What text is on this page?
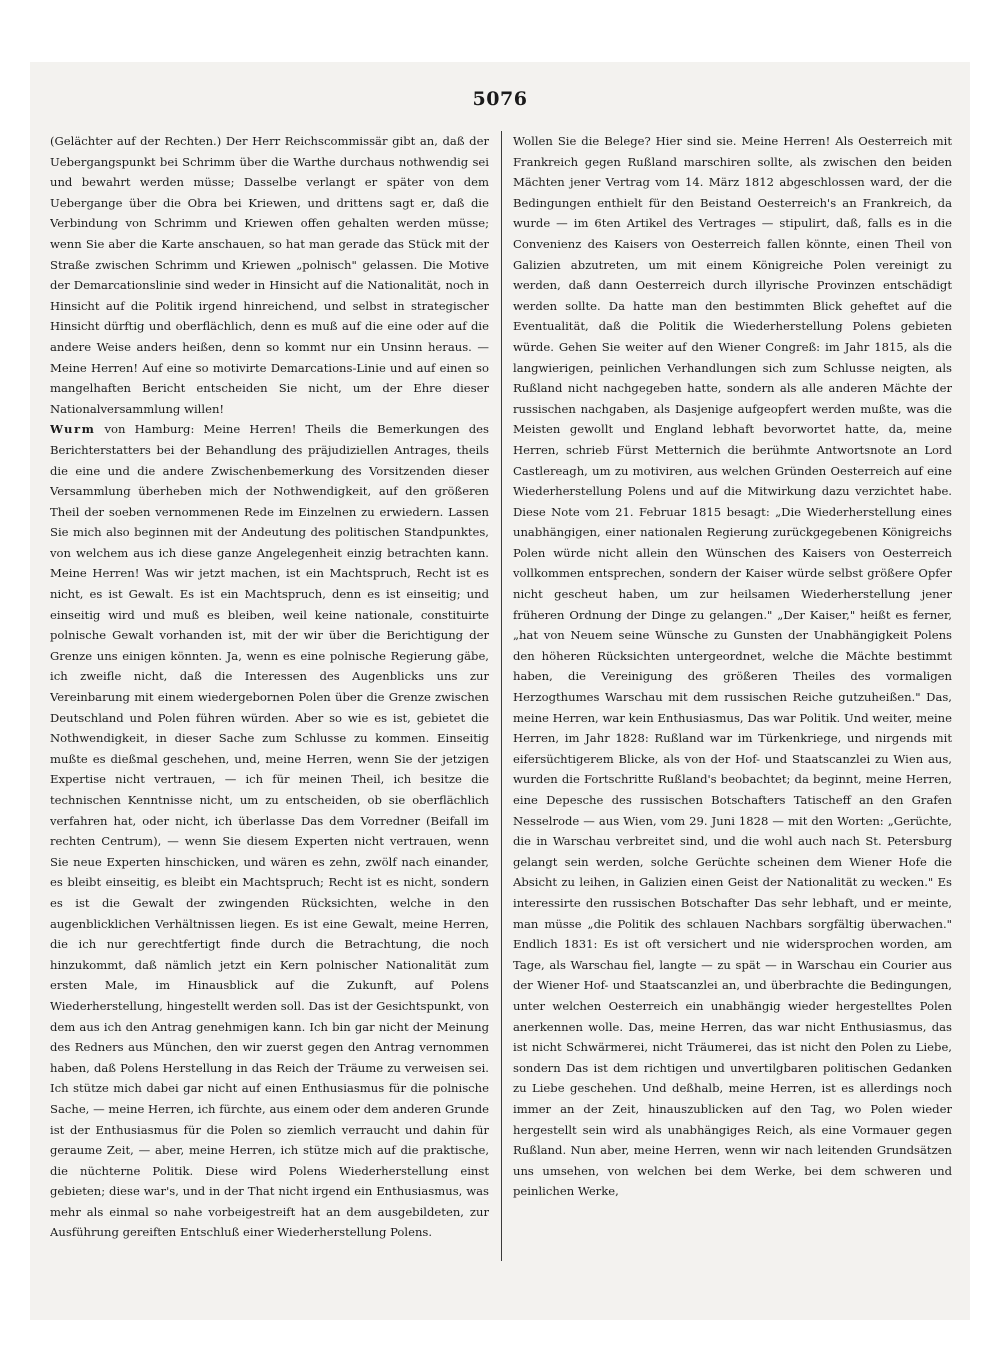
5076

(Gelächter auf der Rechten.) Der Herr Reichscommissär gibt an, daß der Uebergangspunkt bei Schrimm über die Warthe durchaus nothwendig sei und bewahrt werden müsse; Dasselbe verlangt er später von dem Uebergange über die Obra bei Kriewen, und drittens sagt er, daß die Verbindung von Schrimm und Kriewen offen gehalten werden müsse; wenn Sie aber die Karte anschauen, so hat man gerade das Stück mit der Straße zwischen Schrimm und Kriewen „polnisch" gelassen. Die Motive der Demarcationslinie sind weder in Hinsicht auf die Nationalität, noch in Hinsicht auf die Politik irgend hinreichend, und selbst in strategischer Hinsicht dürftig und oberflächlich, denn es muß auf die eine oder auf die andere Weise anders heißen, denn so kommt nur ein Unsinn heraus. — Meine Herren! Auf eine so motivirte Demarcations-Linie und auf einen so mangelhaften Bericht entscheiden Sie nicht, um der Ehre dieser Nationalversammlung willen!

Wurm von Hamburg: Meine Herren! Theils die Bemerkungen des Berichterstatters bei der Behandlung des präjudiziellen Antrages, theils die eine und die andere Zwischenbemerkung des Vorsitzenden dieser Versammlung überheben mich der Nothwendigkeit, auf den größeren Theil der soeben vernommenen Rede im Einzelnen zu erwiedern. Lassen Sie mich also beginnen mit der Andeutung des politischen Standpunktes, von welchem aus ich diese ganze Angelegenheit einzig betrachten kann. Meine Herren! Was wir jetzt machen, ist ein Machtspruch, Recht ist es nicht, es ist Gewalt. Es ist ein Machtspruch, denn es ist einseitig; und einseitig wird und muß es bleiben, weil keine nationale, constituirte polnische Gewalt vorhanden ist, mit der wir über die Berichtigung der Grenze uns einigen könnten. Ja, wenn es eine polnische Regierung gäbe, ich zweifle nicht, daß die Interessen des Augenblicks uns zur Vereinbarung mit einem wiedergebornen Polen über die Grenze zwischen Deutschland und Polen führen würden. Aber so wie es ist, gebietet die Nothwendigkeit, in dieser Sache zum Schlusse zu kommen. Einseitig mußte es dießmal geschehen, und, meine Herren, wenn Sie der jetzigen Expertise nicht vertrauen, — ich für meinen Theil, ich besitze die technischen Kenntnisse nicht, um zu entscheiden, ob sie oberflächlich verfahren hat, oder nicht, ich überlasse Das dem Vorredner (Beifall im rechten Centrum), — wenn Sie diesem Experten nicht vertrauen, wenn Sie neue Experten hinschicken, und wären es zehn, zwölf nach einander, es bleibt einseitig, es bleibt ein Machtspruch; Recht ist es nicht, sondern es ist die Gewalt der zwingenden Rücksichten, welche in den augenblicklichen Verhältnissen liegen. Es ist eine Gewalt, meine Herren, die ich nur gerechtfertigt finde durch die Betrachtung, die noch hinzukommt, daß nämlich jetzt ein Kern polnischer Nationalität zum ersten Male, im Hinausblick auf die Zukunft, auf Polens Wiederherstellung, hingestellt werden soll. Das ist der Gesichtspunkt, von dem aus ich den Antrag genehmigen kann. Ich bin gar nicht der Meinung des Redners aus München, den wir zuerst gegen den Antrag vernommen haben, daß Polens Herstellung in das Reich der Träume zu verweisen sei. Ich stütze mich dabei gar nicht auf einen Enthusiasmus für die polnische Sache, — meine Herren, ich fürchte, aus einem oder dem anderen Grunde ist der Enthusiasmus für die Polen so ziemlich verraucht und dahin für geraume Zeit, — aber, meine Herren, ich stütze mich auf die praktische, die nüchterne Politik. Diese wird Polens Wiederherstellung einst gebieten; diese war's, und in der That nicht irgend ein Enthusiasmus, was mehr als einmal so nahe vorbeigestreift hat an dem ausgebildeten, zur Ausführung gereiften Entschluß einer Wiederherstellung Polens.

Wollen Sie die Belege? Hier sind sie. Meine Herren! Als Oesterreich mit Frankreich gegen Rußland marschiren sollte, als zwischen den beiden Mächten jener Vertrag vom 14. März 1812 abgeschlossen ward, der die Bedingungen enthielt für den Beistand Oesterreich's an Frankreich, da wurde — im 6ten Artikel des Vertrages — stipulirt, daß, falls es in die Convenienz des Kaisers von Oesterreich fallen könnte, einen Theil von Galizien abzutreten, um mit einem Königreiche Polen vereinigt zu werden, daß dann Oesterreich durch illyrische Provinzen entschädigt werden sollte. Da hatte man den bestimmten Blick geheftet auf die Eventualität, daß die Politik die Wiederherstellung Polens gebieten würde. Gehen Sie weiter auf den Wiener Congreß: im Jahr 1815, als die langwierigen, peinlichen Verhandlungen sich zum Schlusse neigten, als Rußland nicht nachgegeben hatte, sondern als alle anderen Mächte der russischen nachgaben, als Dasjenige aufgeopfert werden mußte, was die Meisten gewollt und England lebhaft bevorwortet hatte, da, meine Herren, schrieb Fürst Metternich die berühmte Antwortsnote an Lord Castlereagh, um zu motiviren, aus welchen Gründen Oesterreich auf eine Wiederherstellung Polens und auf die Mitwirkung dazu verzichtet habe. Diese Note vom 21. Februar 1815 besagt: „Die Wiederherstellung eines unabhängigen, einer nationalen Regierung zurückgegebenen Königreichs Polen würde nicht allein den Wünschen des Kaisers von Oesterreich vollkommen entsprechen, sondern der Kaiser würde selbst größere Opfer nicht gescheut haben, um zur heilsamen Wiederherstellung jener früheren Ordnung der Dinge zu gelangen." „Der Kaiser," heißt es ferner, „hat von Neuem seine Wünsche zu Gunsten der Unabhängigkeit Polens den höheren Rücksichten untergeordnet, welche die Mächte bestimmt haben, die Vereinigung des größeren Theiles des vormaligen Herzogthumes Warschau mit dem russischen Reiche gutzuheißen." Das, meine Herren, war kein Enthusiasmus, Das war Politik. Und weiter, meine Herren, im Jahr 1828: Rußland war im Türkenkriege, und nirgends mit eifersüchtigerem Blicke, als von der Hof- und Staatscanzlei zu Wien aus, wurden die Fortschritte Rußland's beobachtet; da beginnt, meine Herren, eine Depesche des russischen Botschafters Tatischeff an den Grafen Nesselrode — aus Wien, vom 29. Juni 1828 — mit den Worten: „Gerüchte, die in Warschau verbreitet sind, und die wohl auch nach St. Petersburg gelangt sein werden, solche Gerüchte scheinen dem Wiener Hofe die Absicht zu leihen, in Galizien einen Geist der Nationalität zu wecken." Es interessirte den russischen Botschafter Das sehr lebhaft, und er meinte, man müsse „die Politik des schlauen Nachbars sorgfältig überwachen." Endlich 1831: Es ist oft versichert und nie widersprochen worden, am Tage, als Warschau fiel, langte — zu spät — in Warschau ein Courier aus der Wiener Hof- und Staatscanzlei an, und überbrachte die Bedingungen, unter welchen Oesterreich ein unabhängig wieder hergestelltes Polen anerkennen wolle. Das, meine Herren, das war nicht Enthusiasmus, das ist nicht Schwärmerei, nicht Träumerei, das ist nicht den Polen zu Liebe, sondern Das ist dem richtigen und unvertilgbaren politischen Gedanken zu Liebe geschehen. Und deßhalb, meine Herren, ist es allerdings noch immer an der Zeit, hinauszublicken auf den Tag, wo Polen wieder hergestellt sein wird als unabhängiges Reich, als eine Vormauer gegen Rußland. Nun aber, meine Herren, wenn wir nach leitenden Grundsätzen uns umsehen, von welchen bei dem Werke, bei dem schweren und peinlichen Werke,
